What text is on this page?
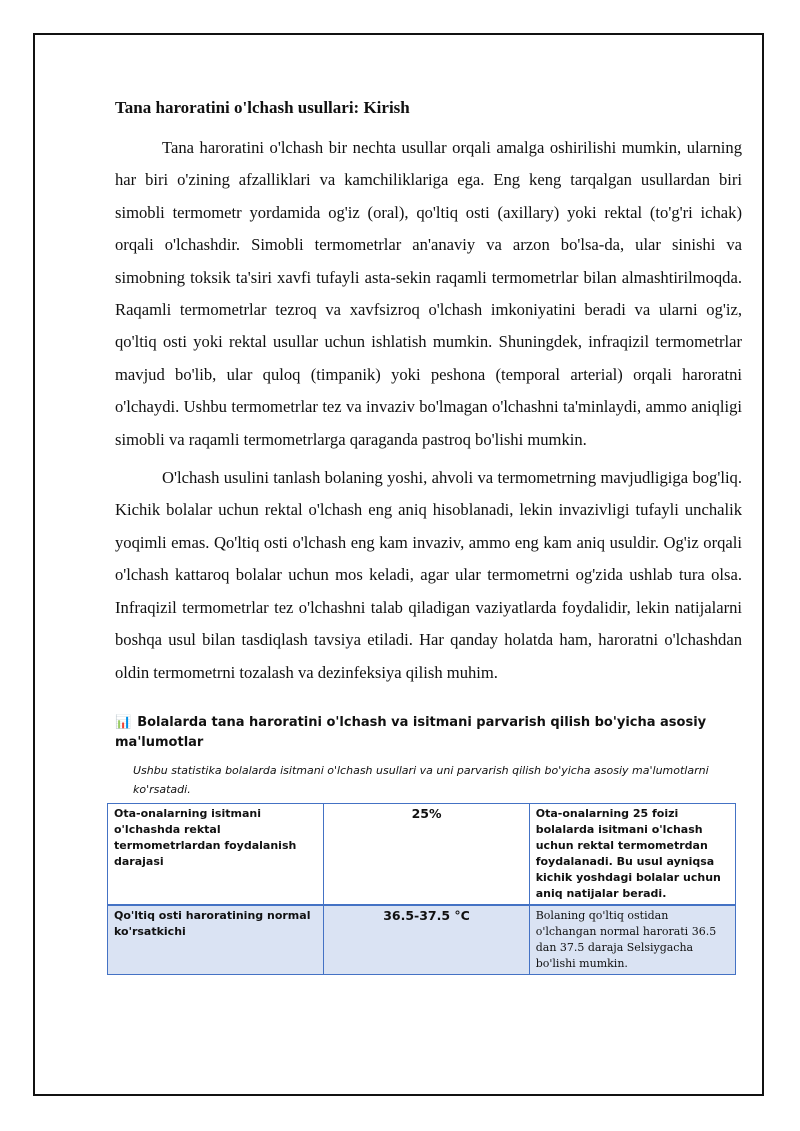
Tana haroratini o'lchash usullari: Kirish

Tana haroratini o'lchash bir nechta usullar orqali amalga oshirilishi mumkin, ularning har biri o'zining afzalliklari va kamchiliklariga ega. Eng keng tarqalgan usullardan biri simobli termometr yordamida og'iz (oral), qo'ltiq osti (axillary) yoki rektal (to'g'ri ichak) orqali o'lchashdir. Simobli termometrlar an'anaviy va arzon bo'lsa-da, ular sinishi va simobning toksik ta'siri xavfi tufayli asta-sekin raqamli termometrlar bilan almashtirilmoqda. Raqamli termometrlar tezroq va xavfsizroq o'lchash imkoniyatini beradi va ularni og'iz, qo'ltiq osti yoki rektal usullar uchun ishlatish mumkin. Shuningdek, infraqizil termometrlar mavjud bo'lib, ular quloq (timpanik) yoki peshona (temporal arterial) orqali haroratni o'lchaydi. Ushbu termometrlar tez va invaziv bo'lmagan o'lchashni ta'minlaydi, ammo aniqligi simobli va raqamli termometrlarga qaraganda pastroq bo'lishi mumkin.

O'lchash usulini tanlash bolaning yoshi, ahvoli va termometrning mavjudligiga bog'liq. Kichik bolalar uchun rektal o'lchash eng aniq hisoblanadi, lekin invazivligi tufayli unchalik yoqimli emas. Qo'ltiq osti o'lchash eng kam invaziv, ammo eng kam aniq usuldir. Og'iz orqali o'lchash kattaroq bolalar uchun mos keladi, agar ular termometrni og'zida ushlab tura olsa. Infraqizil termometrlar tez o'lchashni talab qiladigan vaziyatlarda foydalidir, lekin natijalarni boshqa usul bilan tasdiqlash tavsiya etiladi. Har qanday holatda ham, haroratni o'lchashdan oldin termometrni tozalash va dezinfeksiya qilish muhim.

📊 Bolalarda tana haroratini o'lchash va isitmani parvarish qilish bo'yicha asosiy ma'lumotlar
Ushbu statistika bolalarda isitmani o'lchash usullari va uni parvarish qilish bo'yicha asosiy ma'lumotlarni ko'rsatadi.
Ota-onalarning isitmani o'lchashda rektal termometrlardan foydalanish darajasi	25%	Ota-onalarning 25 foizi bolalarda isitmani o'lchash uchun rektal termometrdan foydalanadi. Bu usul ayniqsa kichik yoshdagi bolalar uchun aniq natijalar beradi.
Qo'ltiq osti haroratining normal ko'rsatkichi	36.5-37.5 °C	Bolaning qo'ltiq ostidan o'lchangan normal harorati 36.5 dan 37.5 daraja Selsiygacha bo'lishi mumkin.
